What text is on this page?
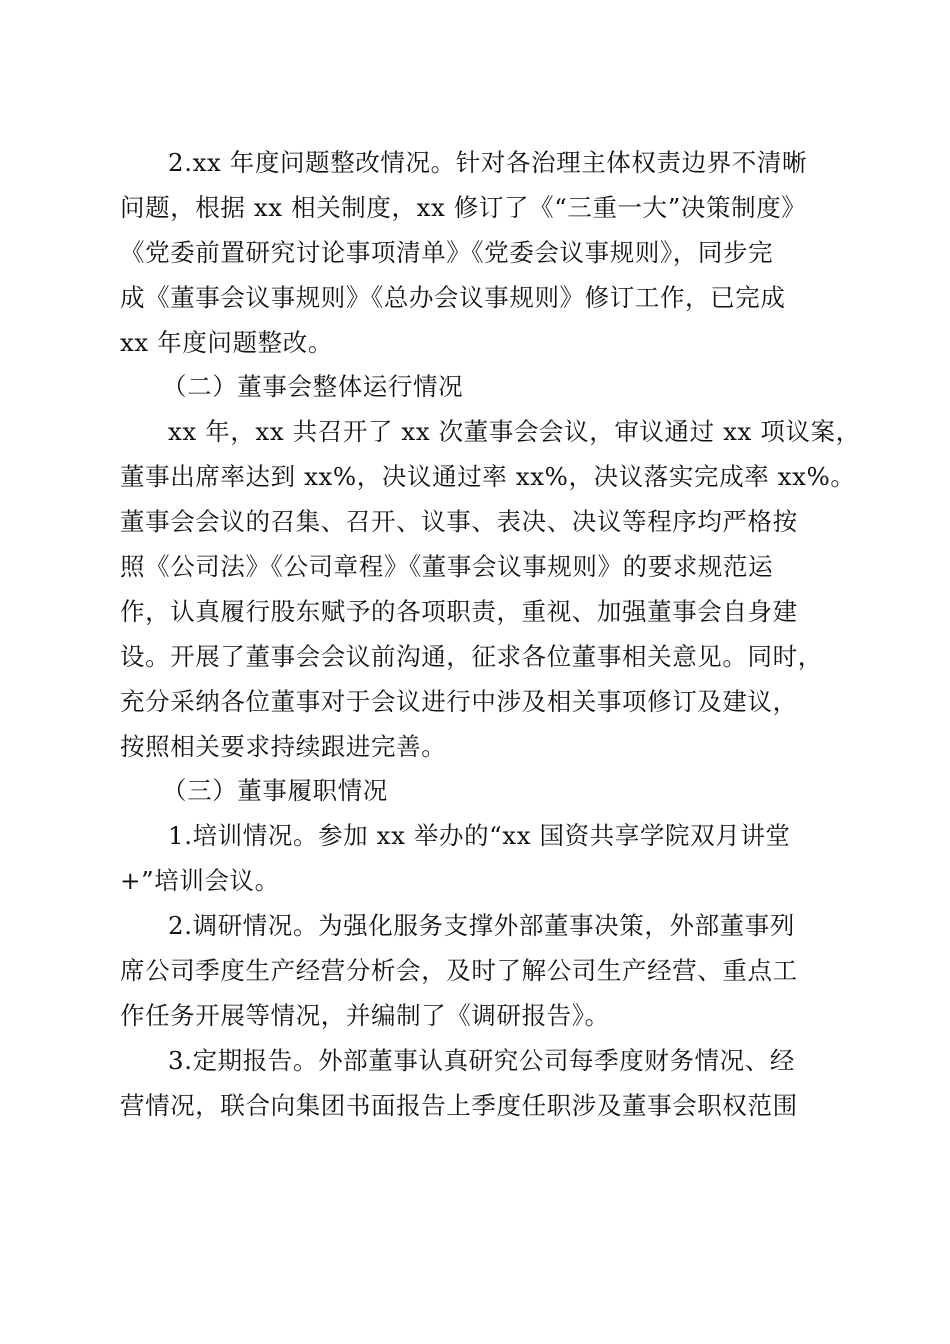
2.xx 年度问题整改情况。针对各治理主体权责边界不清晰
问题，根据 xx 相关制度，xx 修订了《“三重一大”决策制度》
《党委前置研究讨论事项清单》《党委会议事规则》，同步完
成《董事会议事规则》《总办会议事规则》修订工作，已完成
xx 年度问题整改。
（二）董事会整体运行情况
xx 年，xx 共召开了 xx 次董事会会议，审议通过 xx 项议案，
董事出席率达到 xx%，决议通过率 xx%，决议落实完成率 xx%。
董事会会议的召集、召开、议事、表决、决议等程序均严格按
照《公司法》《公司章程》《董事会议事规则》的要求规范运
作，认真履行股东赋予的各项职责，重视、加强董事会自身建
设。开展了董事会会议前沟通，征求各位董事相关意见。同时，
充分采纳各位董事对于会议进行中涉及相关事项修订及建议，
按照相关要求持续跟进完善。
（三）董事履职情况
1.培训情况。参加 xx 举办的“xx 国资共享学院双月讲堂
+”培训会议。
2.调研情况。为强化服务支撑外部董事决策，外部董事列
席公司季度生产经营分析会，及时了解公司生产经营、重点工
作任务开展等情况，并编制了《调研报告》。
3.定期报告。外部董事认真研究公司每季度财务情况、经
营情况，联合向集团书面报告上季度任职涉及董事会职权范围
